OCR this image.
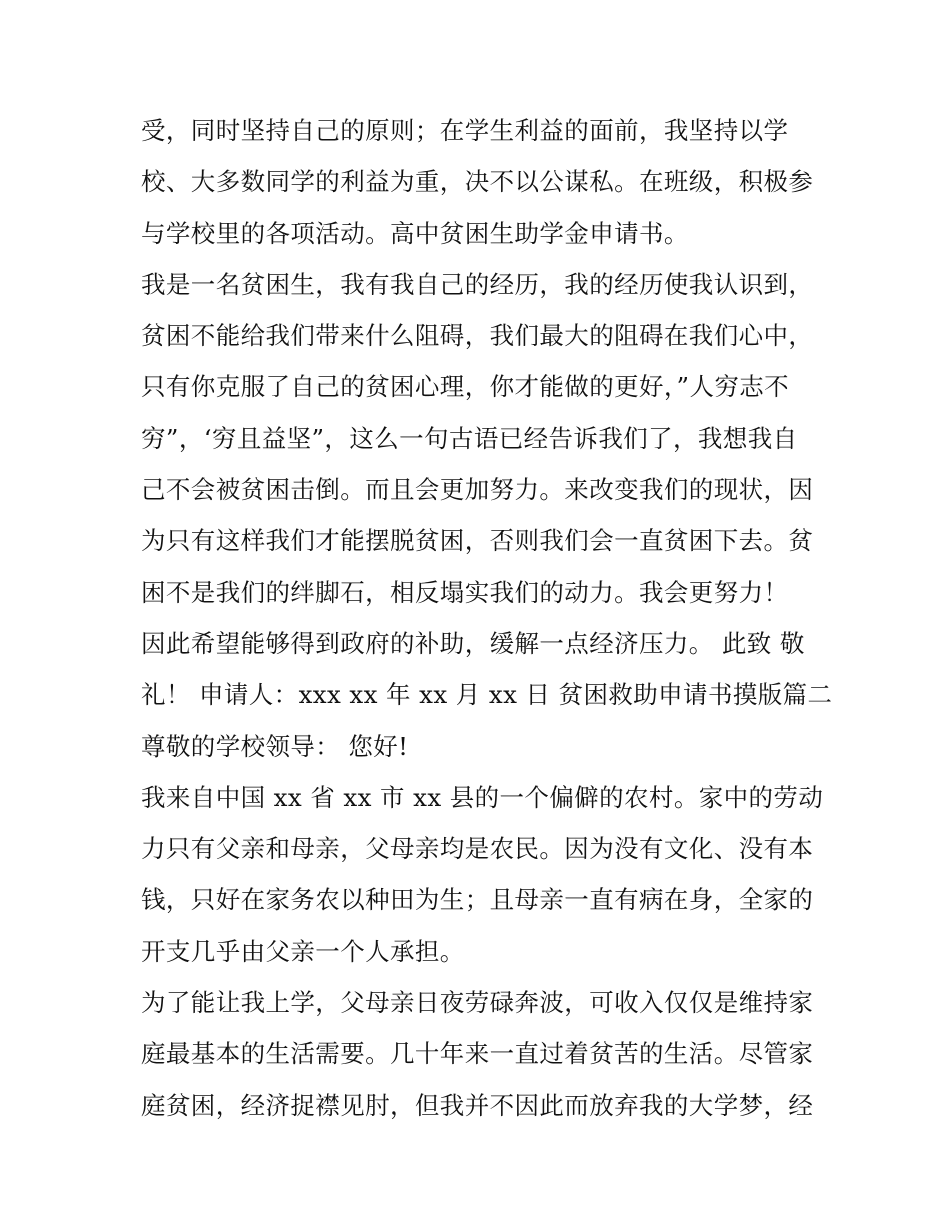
受，同时坚持自己的原则；在学生利益的面前，我坚持以学
校、大多数同学的利益为重，决不以公谋私。在班级，积极参
与学校里的各项活动。高中贫困生助学金申请书。
我是一名贫困生，我有我自己的经历，我的经历使我认识到，
贫困不能给我们带来什么阻碍，我们最大的阻碍在我们心中，
只有你克服了自己的贫困心理，你才能做的更好，”人穷志不
穷”，‘穷且益坚”，这么一句古语已经告诉我们了，我想我自
己不会被贫困击倒。而且会更加努力。来改变我们的现状，因
为只有这样我们才能摆脱贫困，否则我们会一直贫困下去。贫
困不是我们的绊脚石，相反塌实我们的动力。我会更努力！
因此希望能够得到政府的补助，缓解一点经济压力。 此致 敬
礼！ 申请人：xxx xx 年 xx 月 xx 日 贫困救助申请书摸版篇二
尊敬的学校领导： 您好!
我来自中国 xx 省 xx 市 xx 县的一个偏僻的农村。家中的劳动
力只有父亲和母亲，父母亲均是农民。因为没有文化、没有本
钱，只好在家务农以种田为生；且母亲一直有病在身，全家的
开支几乎由父亲一个人承担。
为了能让我上学，父母亲日夜劳碌奔波，可收入仅仅是维持家
庭最基本的生活需要。几十年来一直过着贫苦的生活。尽管家
庭贫困，经济捉襟见肘，但我并不因此而放弃我的大学梦，经
